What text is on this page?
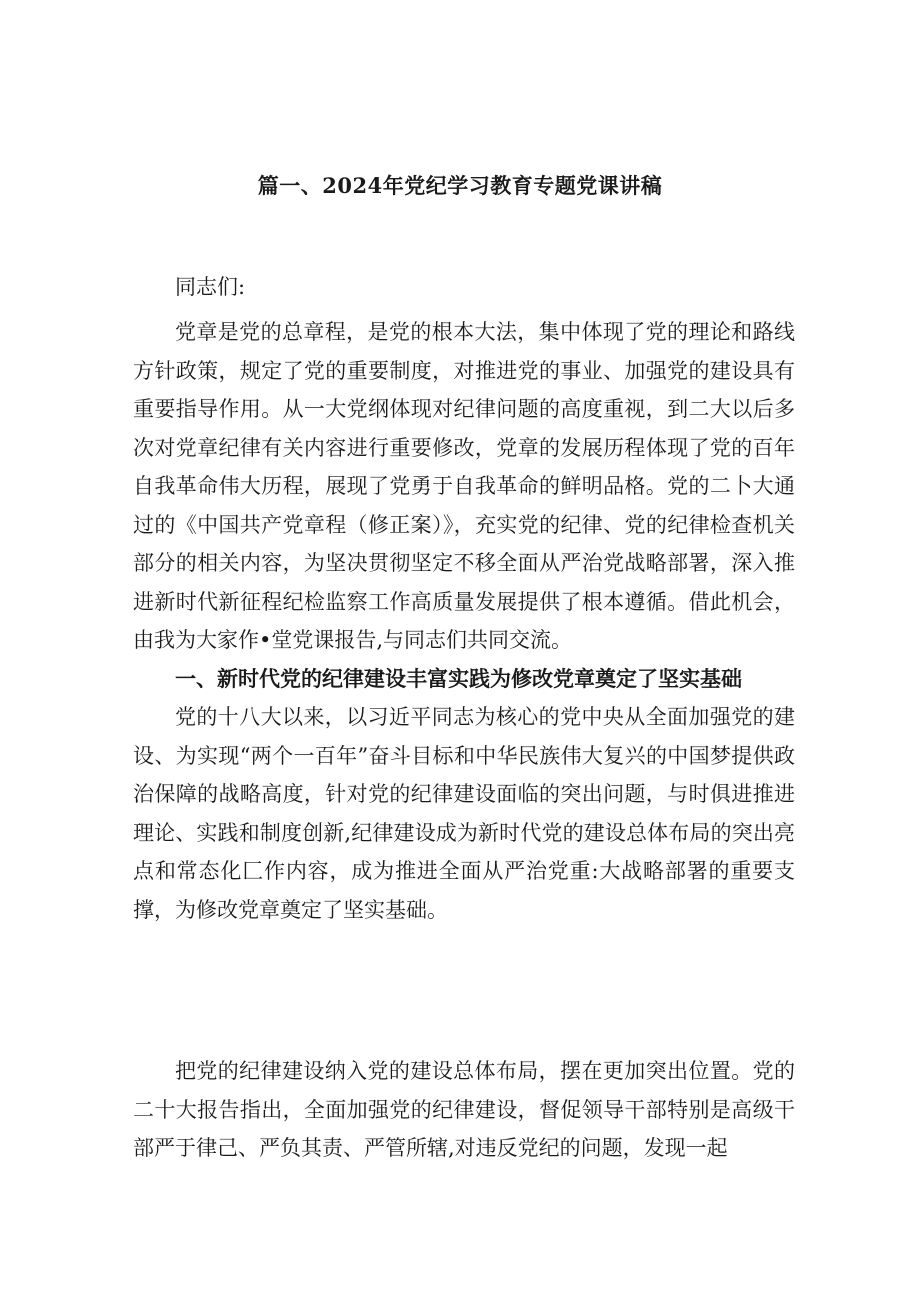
篇一、2024年党纪学习教育专题党课讲稿

同志们:

党章是党的总章程，是党的根本大法，集中体现了党的理论和路线方针政策，规定了党的重要制度，对推进党的事业、加强党的建设具有重要指导作用。从一大党纲体现对纪律问题的高度重视，到二大以后多次对党章纪律有关内容进行重要修改，党章的发展历程体现了党的百年自我革命伟大历程，展现了党勇于自我革命的鲜明品格。党的二卜大通过的《中国共产党章程（修正案）》，充实党的纪律、党的纪律检查机关部分的相关内容，为坚决贯彻坚定不移全面从严治党战略部署，深入推进新时代新征程纪检监察工作高质量发展提供了根本遵循。借此机会，由我为大家作•堂党课报告,与同志们共同交流。

一、新时代党的纪律建设丰富实践为修改党章奠定了坚实基础

党的十八大以来，以习近平同志为核心的党中央从全面加强党的建设、为实现“两个一百年”奋斗目标和中华民族伟大复兴的中国梦提供政治保障的战略高度，针对党的纪律建设面临的突出问题，与时俱进推进理论、实践和制度创新,纪律建设成为新时代党的建设总体布局的突出亮点和常态化匚作内容，成为推进全面从严治党重:大战略部署的重要支撑，为修改党章奠定了坚实基础。

把党的纪律建设纳入党的建设总体布局，摆在更加突出位置。党的二十大报告指出，全面加强党的纪律建设，督促领导干部特别是高级干部严于律己、严负其责、严管所辖,对违反党纪的问题，发现一起
